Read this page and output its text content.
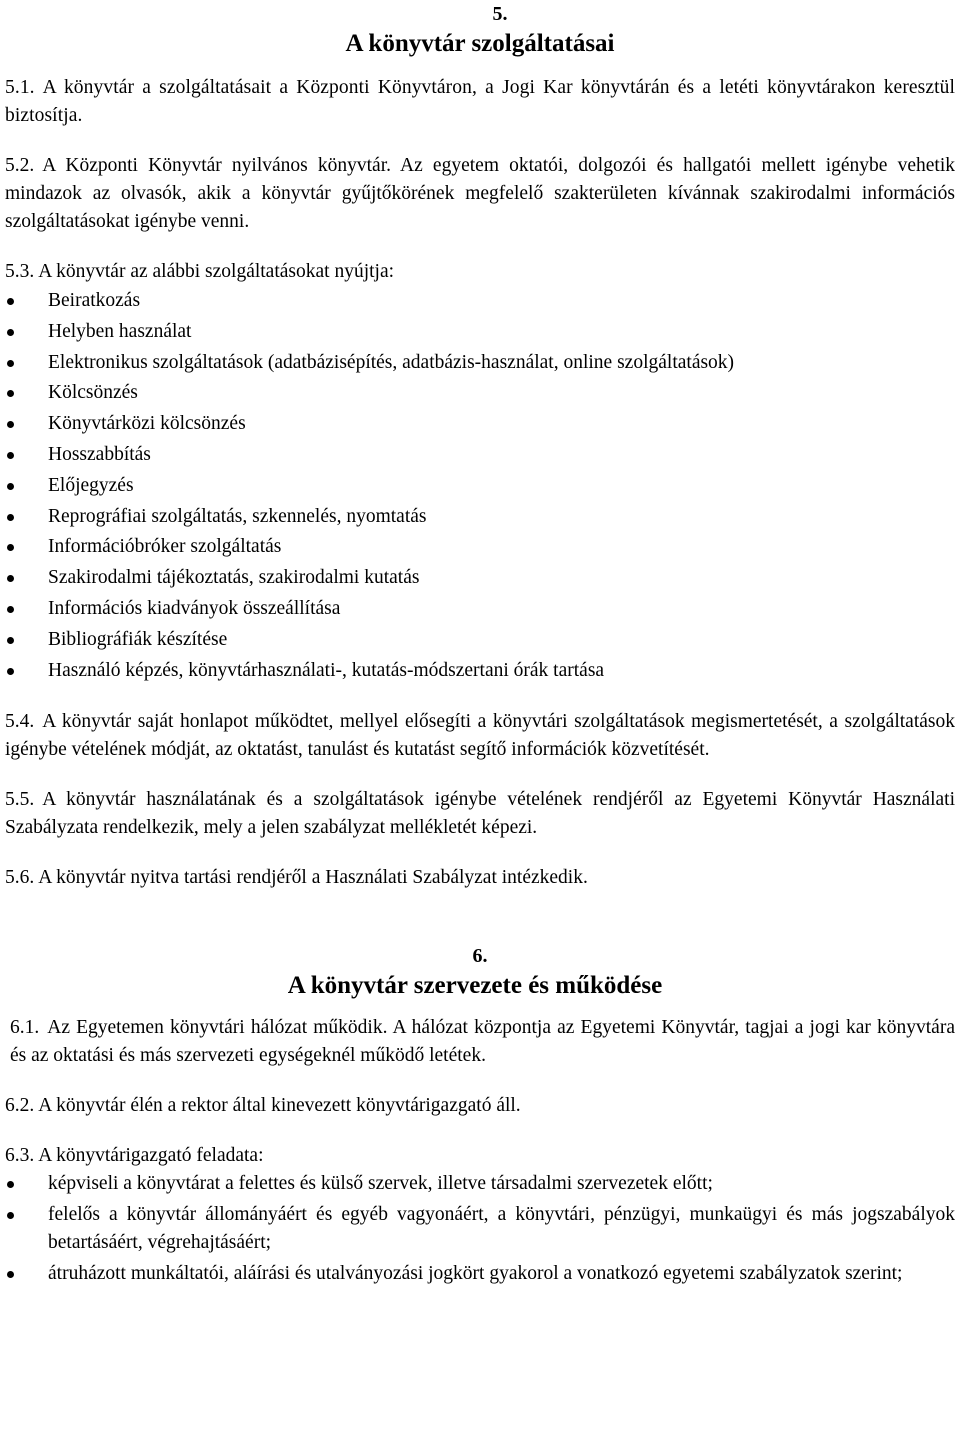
5.
A könyvtár szolgáltatásai

5.1. A könyvtár a szolgáltatásait a Központi Könyvtáron, a Jogi Kar könyvtárán és a letéti könyvtárakon keresztül biztosítja.

5.2. A Központi Könyvtár nyilvános könyvtár. Az egyetem oktatói, dolgozói és hallgatói mellett igénybe vehetik mindazok az olvasók, akik a könyvtár gyűjtőkörének megfelelő szakterületen kívánnak szakirodalmi információs szolgáltatásokat igénybe venni.

5.3. A könyvtár az alábbi szolgáltatásokat nyújtja:

Beiratkozás
Helyben használat
Elektronikus szolgáltatások (adatbázisépítés, adatbázis-használat, online szolgáltatások)
Kölcsönzés
Könyvtárközi kölcsönzés
Hosszabbítás
Előjegyzés
Reprográfiai szolgáltatás, szkennelés, nyomtatás
Információbróker szolgáltatás
Szakirodalmi tájékoztatás, szakirodalmi kutatás
Információs kiadványok összeállítása
Bibliográfiák készítése
Használó képzés, könyvtárhasználati-, kutatás-módszertani órák tartása

5.4. A könyvtár saját honlapot működtet, mellyel elősegíti a könyvtári szolgáltatások megismertetését, a szolgáltatások igénybe vételének módját, az oktatást, tanulást és kutatást segítő információk közvetítését.

5.5. A könyvtár használatának és a szolgáltatások igénybe vételének rendjéről az Egyetemi Könyvtár Használati Szabályzata rendelkezik, mely a jelen szabályzat mellékletét képezi.

5.6. A könyvtár nyitva tartási rendjéről a Használati Szabályzat intézkedik.

6.
A könyvtár szervezete és működése

6.1. Az Egyetemen könyvtári hálózat működik. A hálózat központja az Egyetemi Könyvtár, tagjai a jogi kar könyvtára és az oktatási és más szervezeti egységeknél működő letétek.

6.2. A könyvtár élén a rektor által kinevezett könyvtárigazgató áll.

6.3. A könyvtárigazgató feladata:

képviseli a könyvtárat a felettes és külső szervek, illetve társadalmi szervezetek előtt;
felelős a könyvtár állományáért és egyéb vagyonáért, a könyvtári, pénzügyi, munkaügyi és más jogszabályok betartásáért, végrehajtásáért;
átruházott munkáltatói, aláírási és utalványozási jogkört gyakorol a vonatkozó egyetemi szabályzatok szerint;
